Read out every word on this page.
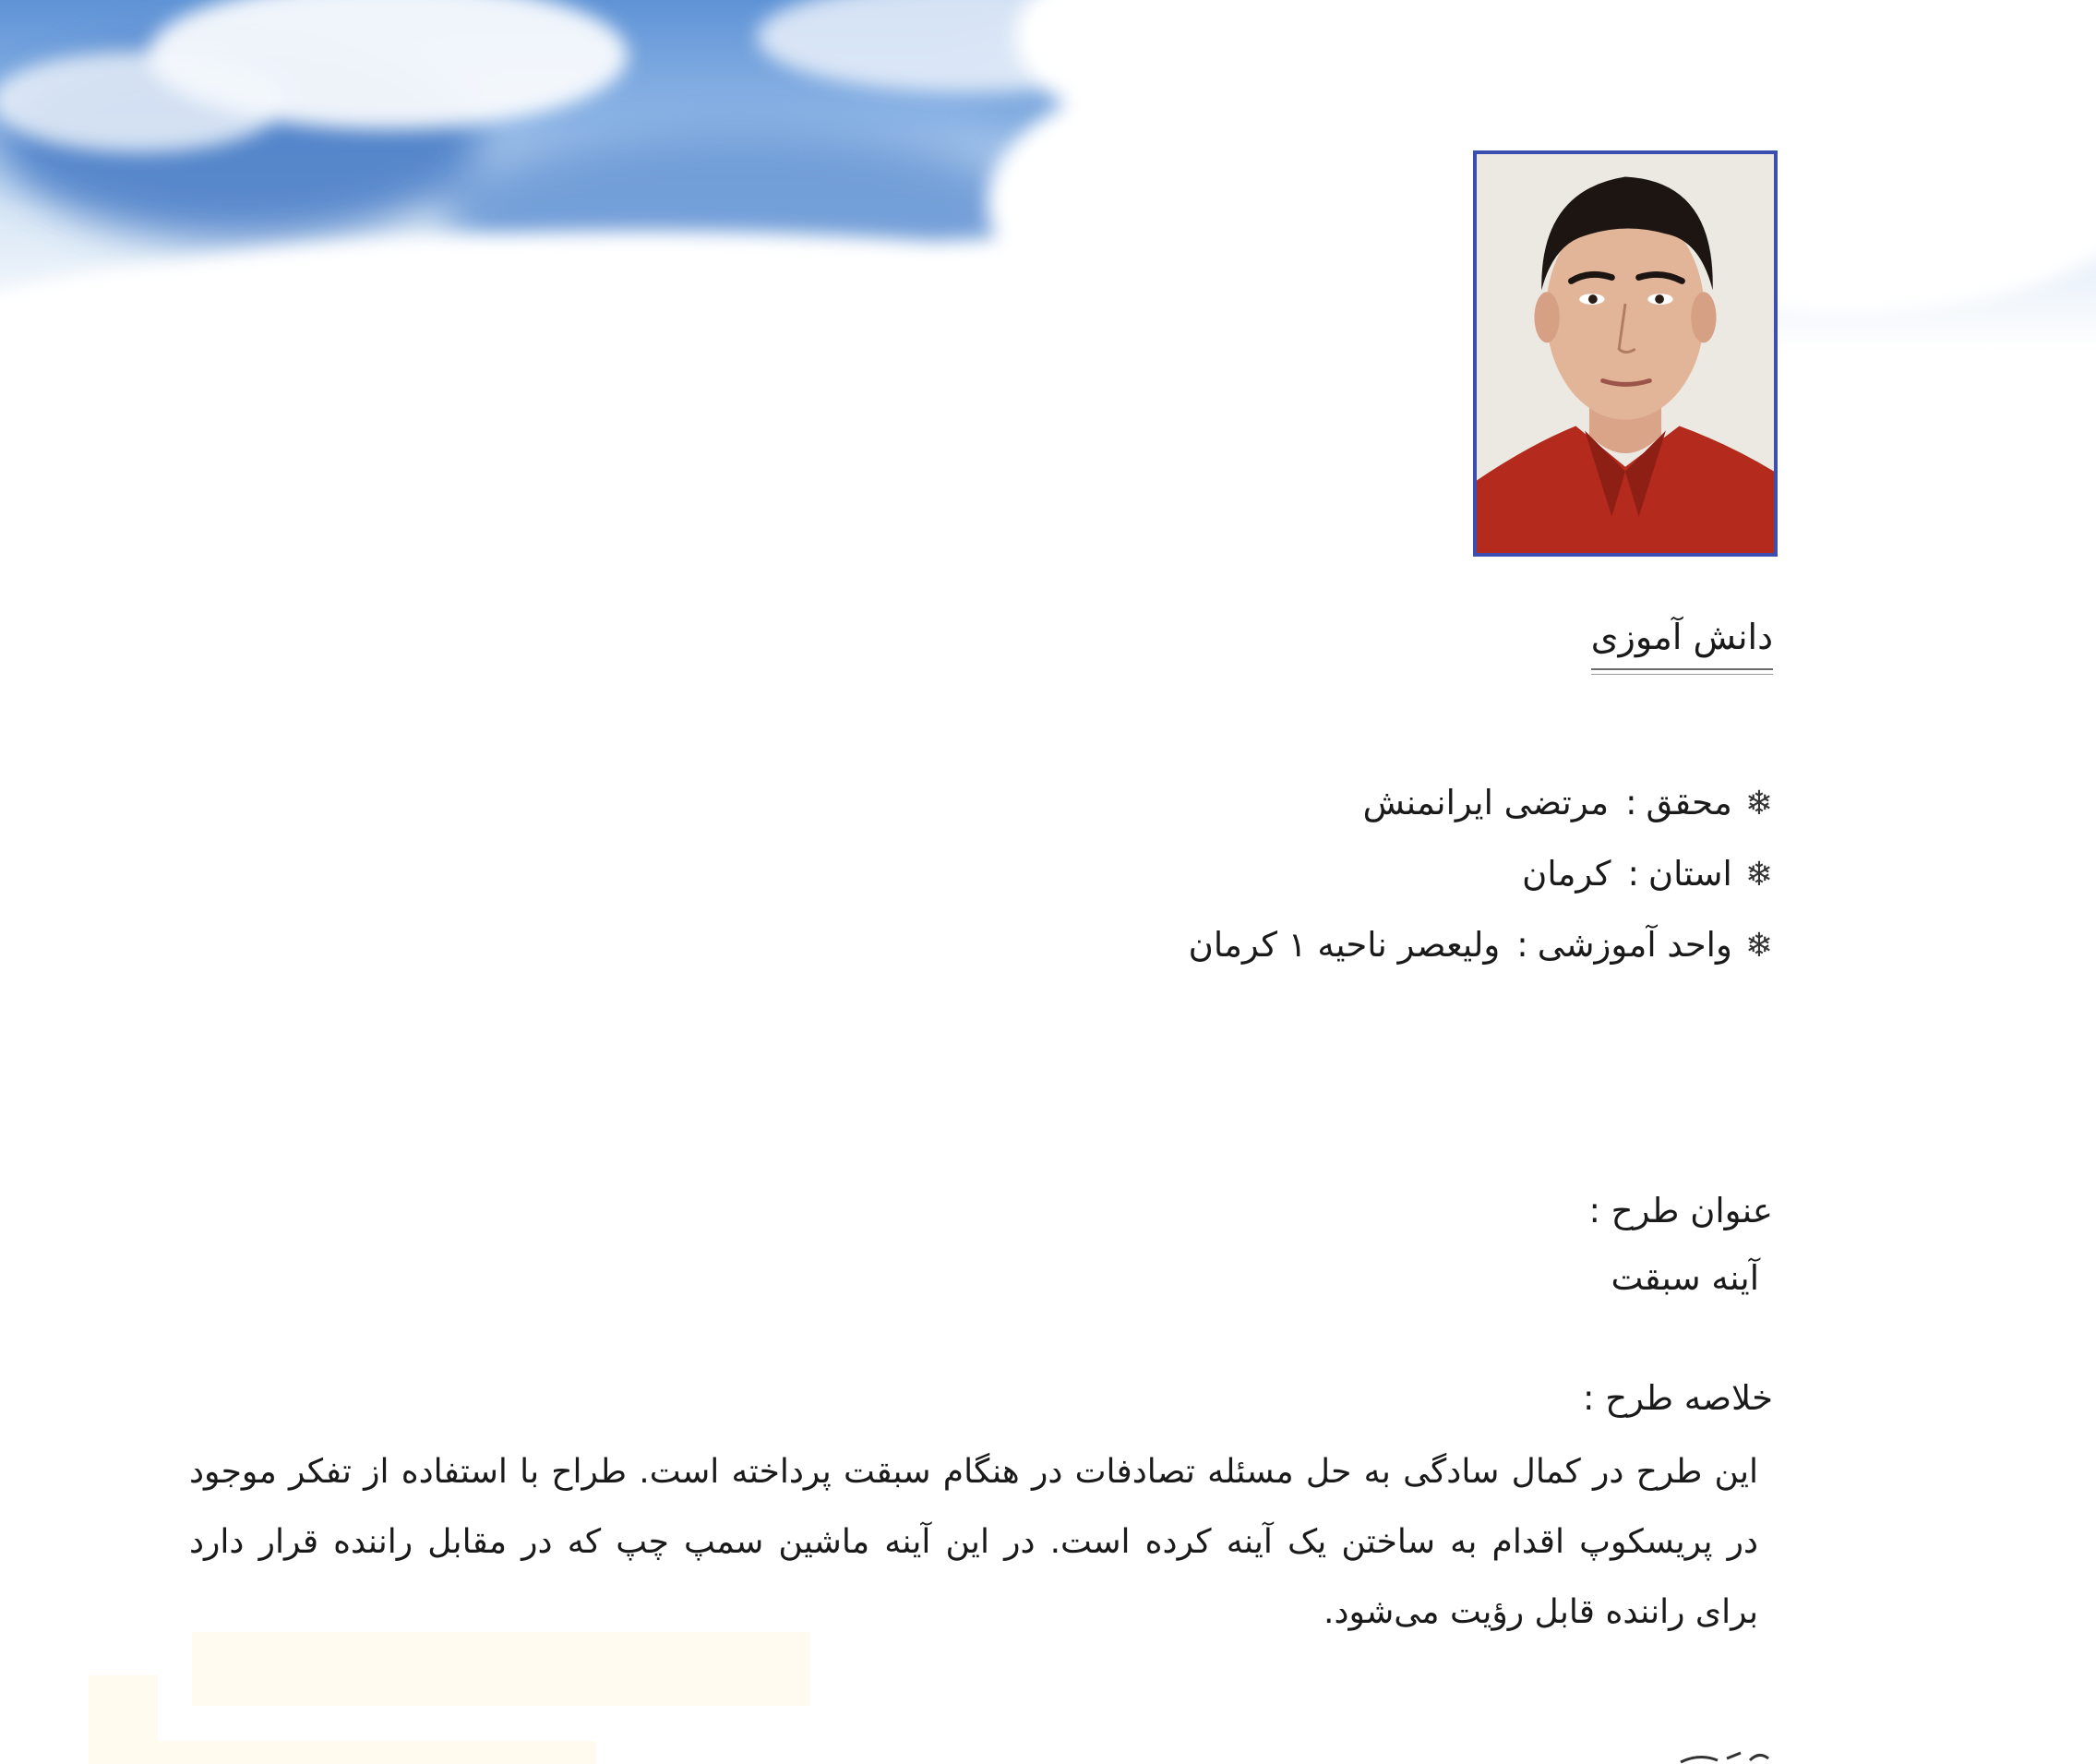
دانش آموزی
❄محقق:مرتضی ایرانمنش
❄استان:کرمان
❄واحد آموزشی:ولیعصر ناحیه ۱ کرمان
عنوان طرح :
آینه سبقت
خلاصه طرح :
این طرح در کمال سادگی به حل مسئله تصادفات در هنگام سبقت پرداخته است. طراح با استفاده از تفکر موجود
در پریسکوپ اقدام به ساختن یک آینه کرده است. در این آینه ماشین سمپ چپ که در مقابل راننده قرار دارد
برای راننده قابل رؤیت می‌شود.
